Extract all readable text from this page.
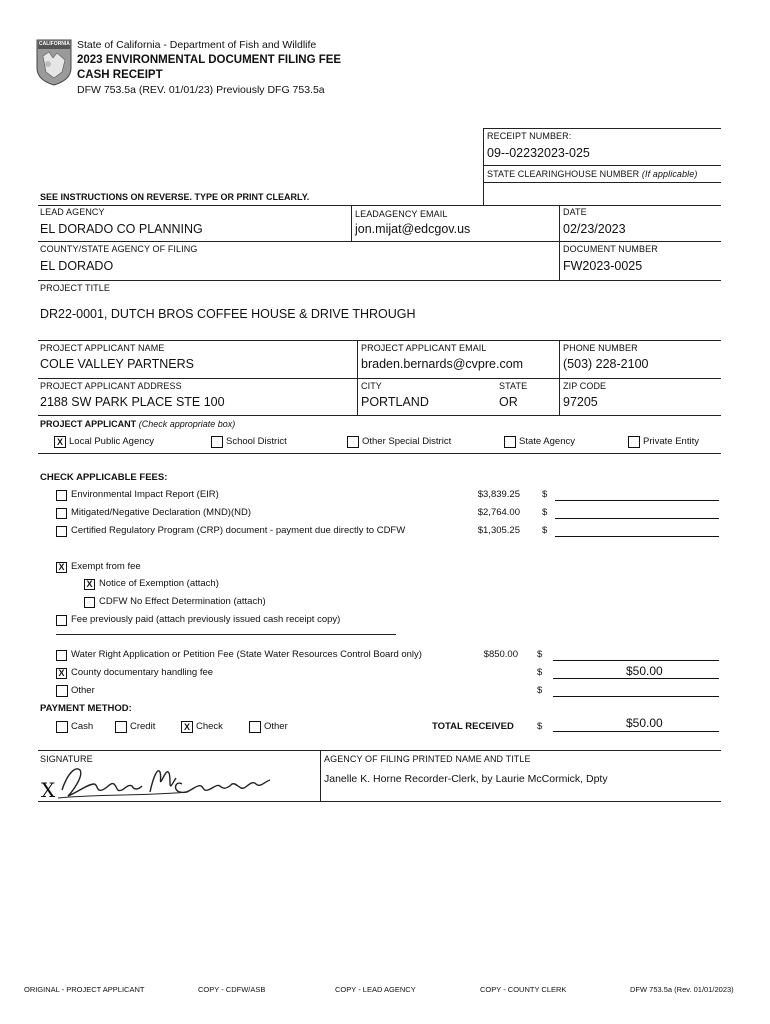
CALIFORNIA State of California - Department of Fish and Wildlife
2023 ENVIRONMENTAL DOCUMENT FILING FEE
CASH RECEIPT
DFW 753.5a (REV. 01/01/23) Previously DFG 753.5a
RECEIPT NUMBER:
09--02232023-025
STATE CLEARINGHOUSE NUMBER (If applicable)
SEE INSTRUCTIONS ON REVERSE. TYPE OR PRINT CLEARLY.
LEAD AGENCY
EL DORADO CO PLANNING
LEADAGENCY EMAIL
jon.mijat@edcgov.us
DATE
02/23/2023
COUNTY/STATE AGENCY OF FILING
EL DORADO
DOCUMENT NUMBER
FW2023-0025
PROJECT TITLE
DR22-0001, DUTCH BROS COFFEE HOUSE & DRIVE THROUGH
PROJECT APPLICANT NAME
COLE VALLEY PARTNERS
PROJECT APPLICANT EMAIL
braden.bernards@cvpre.com
PHONE NUMBER
(503) 228-2100
PROJECT APPLICANT ADDRESS
2188 SW PARK PLACE STE 100
CITY
PORTLAND
STATE
OR
ZIP CODE
97205
PROJECT APPLICANT (Check appropriate box)
X Local Public Agency	School District	Other Special District	State Agency	Private Entity
CHECK APPLICABLE FEES:
Environmental Impact Report (EIR)	$3,839.25 $
Mitigated/Negative Declaration (MND)(ND)	$2,764.00 $
Certified Regulatory Program (CRP) document - payment due directly to CDFW	$1,305.25 $
X Exempt from fee
X Notice of Exemption (attach)
CDFW No Effect Determination (attach)
Fee previously paid (attach previously issued cash receipt copy)
Water Right Application or Petition Fee (State Water Resources Control Board only)	$850.00 $
X County documentary handling fee	$	$50.00
Other	$
PAYMENT METHOD:
Cash	Credit	X Check	Other	TOTAL RECEIVED $	$50.00
SIGNATURE
X
AGENCY OF FILING PRINTED NAME AND TITLE
Janelle K. Horne Recorder-Clerk, by Laurie McCormick, Dpty
ORIGINAL - PROJECT APPLICANT	COPY - CDFW/ASB	COPY - LEAD AGENCY	COPY - COUNTY CLERK	DFW 753.5a (Rev. 01/01/2023)
